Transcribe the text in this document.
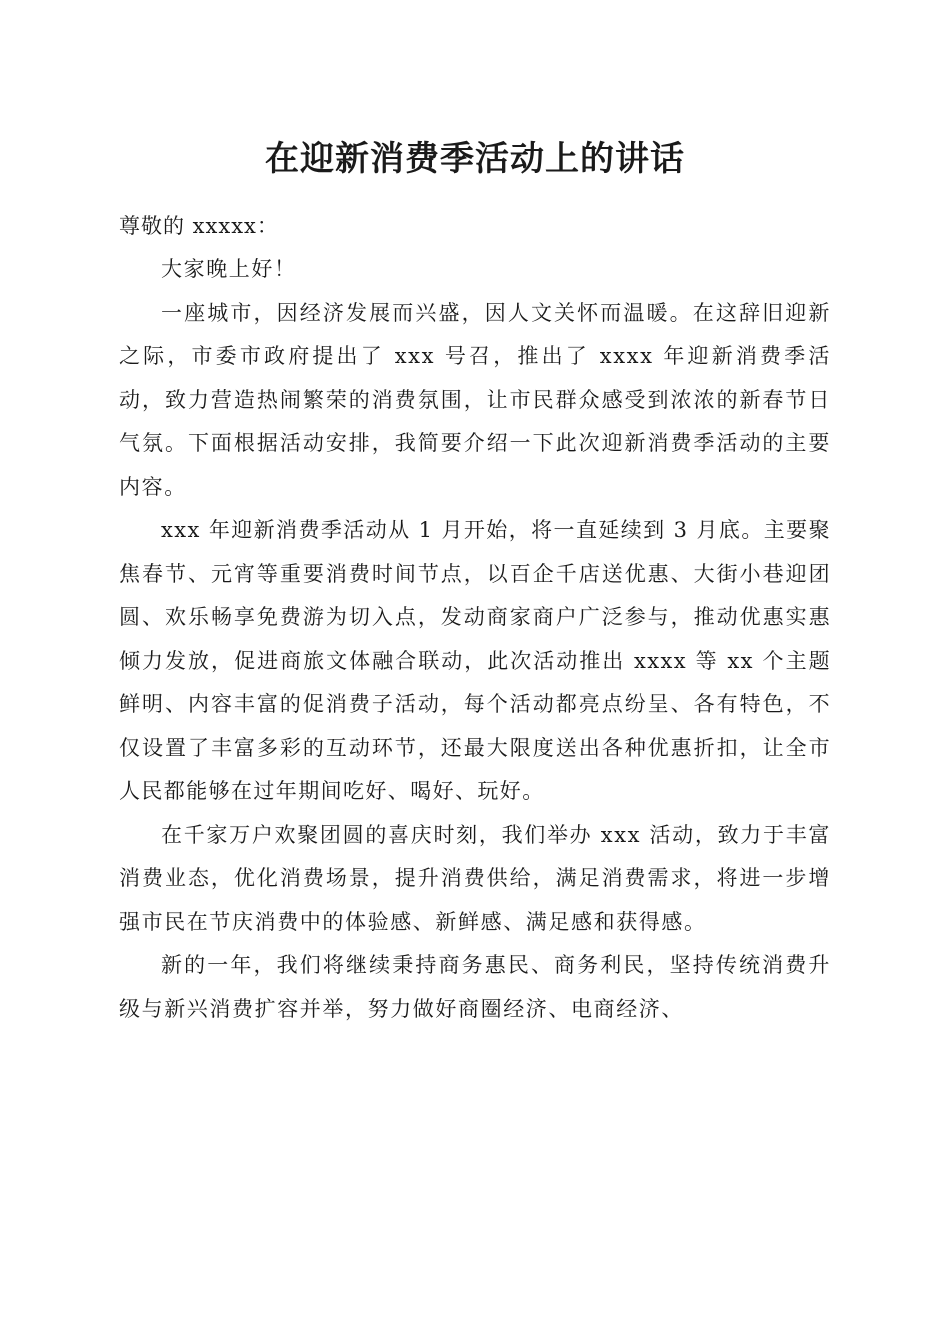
在迎新消费季活动上的讲话

尊敬的 xxxxx：

大家晚上好！

一座城市，因经济发展而兴盛，因人文关怀而温暖。在这辞旧迎新之际，市委市政府提出了 xxx 号召，推出了 xxxx 年迎新消费季活动，致力营造热闹繁荣的消费氛围，让市民群众感受到浓浓的新春节日气氛。下面根据活动安排，我简要介绍一下此次迎新消费季活动的主要内容。

xxx 年迎新消费季活动从 1 月开始，将一直延续到 3 月底。主要聚焦春节、元宵等重要消费时间节点，以百企千店送优惠、大街小巷迎团圆、欢乐畅享免费游为切入点，发动商家商户广泛参与，推动优惠实惠倾力发放，促进商旅文体融合联动，此次活动推出 xxxx 等 xx 个主题鲜明、内容丰富的促消费子活动，每个活动都亮点纷呈、各有特色，不仅设置了丰富多彩的互动环节，还最大限度送出各种优惠折扣，让全市人民都能够在过年期间吃好、喝好、玩好。

在千家万户欢聚团圆的喜庆时刻，我们举办 xxx 活动，致力于丰富消费业态，优化消费场景，提升消费供给，满足消费需求，将进一步增强市民在节庆消费中的体验感、新鲜感、满足感和获得感。

新的一年，我们将继续秉持商务惠民、商务利民，坚持传统消费升级与新兴消费扩容并举，努力做好商圈经济、电商经济、
